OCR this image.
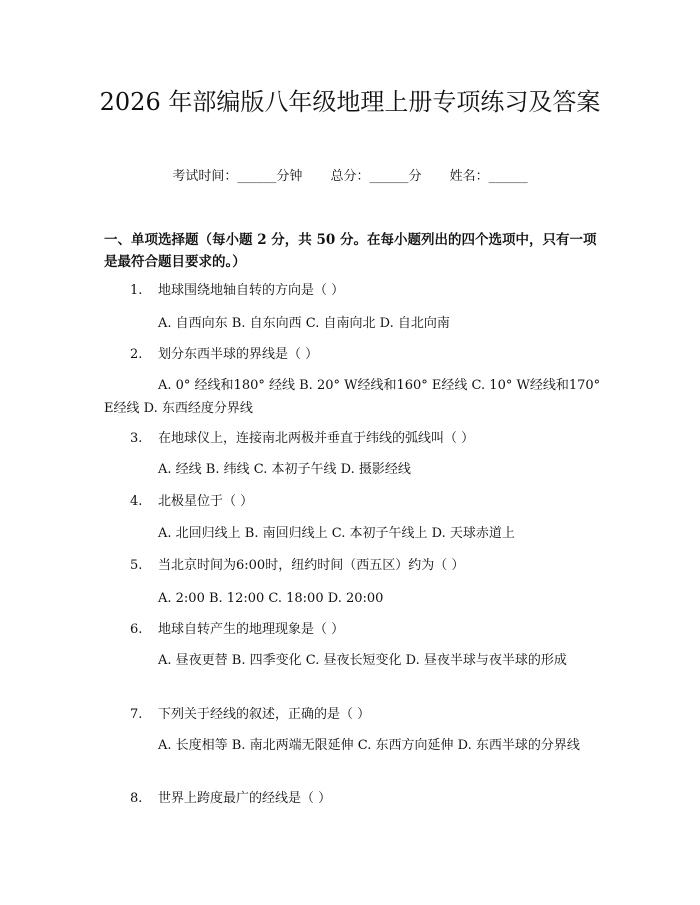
2026 年部编版八年级地理上册专项练习及答案
考试时间：______分钟 总分：______分 姓名：______

一、单项选择题（每小题 2 分，共 50 分。在每小题列出的四个选项中，只有一项是最符合题目要求的。）

1. 地球围绕地轴自转的方向是（ ）
A. 自西向东 B. 自东向西 C. 自南向北 D. 自北向南
2. 划分东西半球的界线是（ ）
A. 0° 经线和180° 经线 B. 20° W经线和160° E经线 C. 10° W经线和170° E经线 D. 东西经度分界线
3. 在地球仪上，连接南北两极并垂直于纬线的弧线叫（ ）
A. 经线 B. 纬线 C. 本初子午线 D. 摄影经线
4. 北极星位于（ ）
A. 北回归线上 B. 南回归线上 C. 本初子午线上 D. 天球赤道上
5. 当北京时间为6:00时，纽约时间（西五区）约为（ ）
A. 2:00 B. 12:00 C. 18:00 D. 20:00
6. 地球自转产生的地理现象是（ ）
A. 昼夜更替 B. 四季变化 C. 昼夜长短变化 D. 昼夜半球与夜半球的形成
7. 下列关于经线的叙述，正确的是（ ）
A. 长度相等 B. 南北两端无限延伸 C. 东西方向延伸 D. 东西半球的分界线
8. 世界上跨度最广的经线是（ ）
